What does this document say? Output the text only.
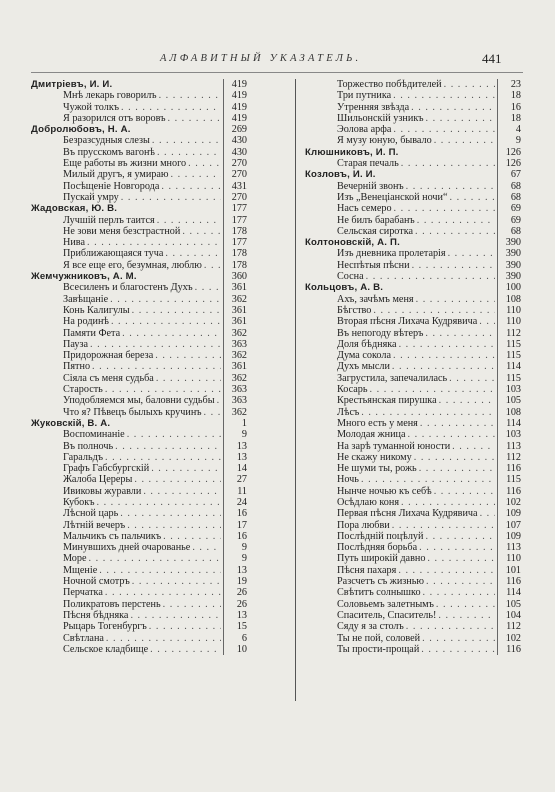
АЛФАВИТНЫЙ УКАЗАТЕЛЬ.	441
Дмитріевъ, И. И.	419
Мнѣ лекарь говорилъ . . .	419
Чужой толкъ . . .	419
Я разорился отъ воровъ . . .	419
Добролюбовъ, Н. А.	269
Безразсудныя слезы . . .	430
Въ прусскомъ вагонѣ . . .	430
Еще работы въ жизни много . . .	270
Милый другъ, я умираю . . .	270
Посѣщеніе Новгорода . . .	431
Пускай умру . . .	270
Жадовская, Ю. В.	177
Лучшій перлъ таится . . .	177
Не зови меня безстрастной . . .	178
Нива . . .	177
Приближающаяся туча . . .	178
Я все еще его, безумная, люблю . . .	178
Жемчужниковъ, А. М.	360
Всесиленъ и благостенъ Духъ . . .	361
Завѣщаніе . . .	362
Конь Калигулы . . .	361
На родинѣ . . .	361
Памяти Фета . . .	362
Пауза . . .	363
Придорожная береза . . .	362
Пятно . . .	361
Сіяла съ меня судьба . . .	362
Старость . . .	363
Уподобляемся мы, баловни судьбы . . .	363
Что я? Пѣвецъ былыхъ кручинъ . . .	362
Жуковскій, В. А.	1
Воспоминаніе . . .	9
Въ полночь . . .	13
Гаральдъ . . .	13
Графъ Габсбургскій . . .	14
Жалоба Цереры . . .	27
Ивиковы журавли . . .	11
Кубокъ . . .	24
Лѣсной царь . . .	16
Лѣтній вечеръ . . .	17
Мальчикъ съ пальчикъ . . .	16
Минувшихъ дней очарованье . . .	9
Море . . .	9
Мщеніе . . .	13
Ночной смотръ . . .	19
Перчатка . . .	26
Поликратовъ перстень . . .	26
Пѣсня бѣдняка . . .	13
Рыцарь Тогенбургъ . . .	15
Свѣтлана . . .	6
Сельское кладбище . . .	10
Торжество побѣдителей . . .	23
Три путника . . .	18
Утренняя звѣзда . . .	16
Шильонскій узникъ . . .	18
Эолова арфа . . .	4
Я музу юную, бывало . . .	9
Клюшниковъ, И. П.	126
Старая печаль . . .	126
Козловъ, И. И.	67
Вечерній звонъ . . .	68
Изъ „Венеціанской ночи“ . . .	68
Насъ семеро . . .	69
Не билъ барабанъ . . .	69
Сельская сиротка . . .	68
Колтоновскій, А. П.	390
Изъ дневника пролетарія . . .	390
Неспѣтыя пѣсни . . .	390
Сосна . . .	390
Кольцовъ, А. В.	100
Ахъ, зачѣмъ меня . . .	108
Бѣгство . . .	110
Вторая пѣсня Лихача Кудрявича . . .	110
Въ непогоду вѣтеръ . . .	112
Доля бѣдняка . . .	115
Дума сокола . . .	115
Духъ мысли . . .	114
Загрустила, запечалилась . . .	115
Косарь . . .	103
Крестьянская пирушка . . .	105
Лѣсъ . . .	108
Много есть у меня . . .	114
Молодая жница . . .	103
На зарѣ туманной юности . . .	113
Не скажу никому . . .	112
Не шуми ты, рожь . . .	116
Ночь . . .	115
Нынче ночью къ себѣ . . .	116
Осѣдлаю коня . . .	102
Первая пѣсня Лихача Кудрявича . . .	109
Пора любви . . .	107
Послѣдній поцѣлуй . . .	109
Послѣдняя борьба . . .	113
Путь широкій давно . . .	110
Пѣсня пахаря . . .	101
Разсчетъ съ жизнью . . .	116
Свѣтитъ солнышко . . .	114
Соловьемъ залетнымъ . . .	105
Спаситель, Спаситель! . . .	104
Сяду я за столъ . . .	112
Ты не пой, соловей . . .	102
Ты прости-прощай . . .	116
